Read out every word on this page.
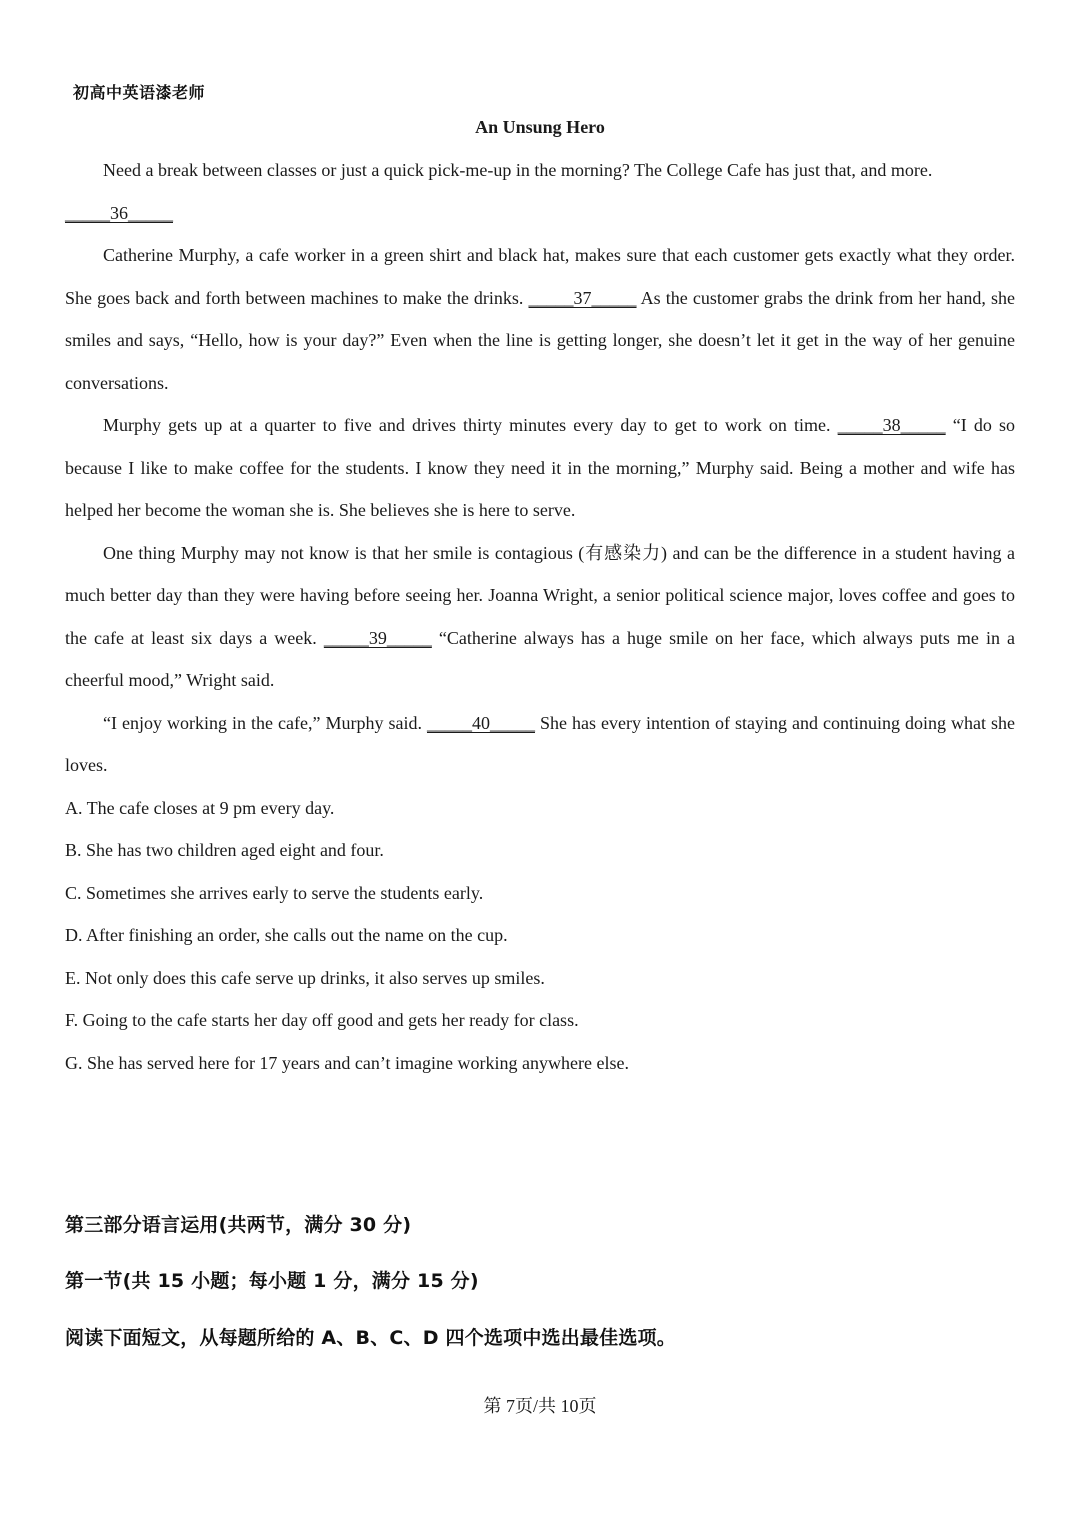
初高中英语漆老师
An Unsung Hero

Need a break between classes or just a quick pick-me-up in the morning? The College Cafe has just that, and more.

_____36_____

Catherine Murphy, a cafe worker in a green shirt and black hat, makes sure that each customer gets exactly what they order. She goes back and forth between machines to make the drinks. _____37_____ As the customer grabs the drink from her hand, she smiles and says, “Hello, how is your day?” Even when the line is getting longer, she doesn’t let it get in the way of her genuine conversations.

Murphy gets up at a quarter to five and drives thirty minutes every day to get to work on time. _____38_____ “I do so because I like to make coffee for the students. I know they need it in the morning,” Murphy said. Being a mother and wife has helped her become the woman she is. She believes she is here to serve.

One thing Murphy may not know is that her smile is contagious (有感染力) and can be the difference in a student having a much better day than they were having before seeing her. Joanna Wright, a senior political science major, loves coffee and goes to the cafe at least six days a week. _____39_____ “Catherine always has a huge smile on her face, which always puts me in a cheerful mood,” Wright said.

“I enjoy working in the cafe,” Murphy said. _____40_____ She has every intention of staying and continuing doing what she loves.

A. The cafe closes at 9 pm every day.

B. She has two children aged eight and four.

C. Sometimes she arrives early to serve the students early.

D. After finishing an order, she calls out the name on the cup.

E. Not only does this cafe serve up drinks, it also serves up smiles.

F. Going to the cafe starts her day off good and gets her ready for class.

G. She has served here for 17 years and can’t imagine working anywhere else.

第三部分语言运用(共两节，满分 30 分)
第一节(共 15 小题；每小题 1 分，满分 15 分)
阅读下面短文，从每题所给的 A、B、C、D 四个选项中选出最佳选项。
第 7页/共 10页
